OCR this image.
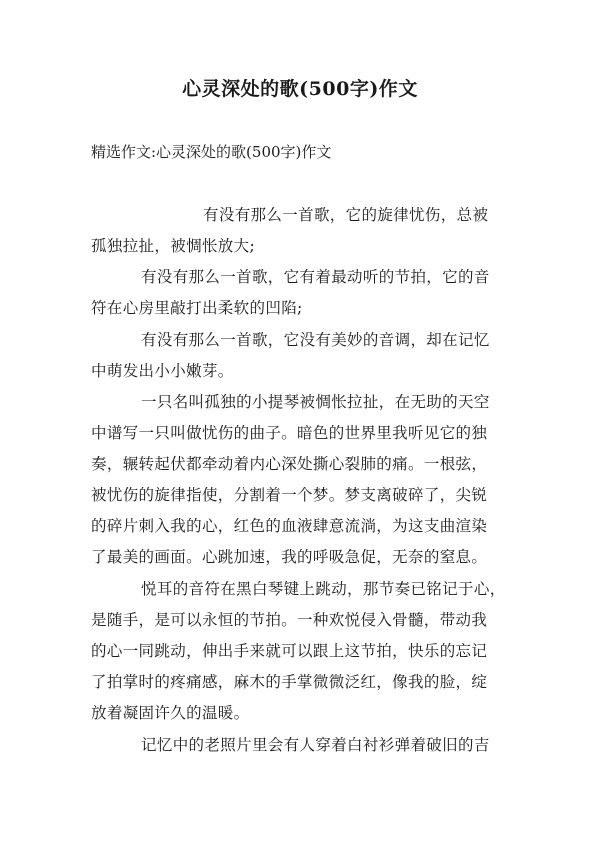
心灵深处的歌(500字)作文
精选作文:心灵深处的歌(500字)作文
有没有那么一首歌，它的旋律忧伤，总被
孤独拉扯，被惆怅放大;
有没有那么一首歌，它有着最动听的节拍，它的音
符在心房里敲打出柔软的凹陷;
有没有那么一首歌，它没有美妙的音调，却在记忆
中萌发出小小嫩芽。
一只名叫孤独的小提琴被惆怅拉扯，在无助的天空
中谱写一只叫做忧伤的曲子。暗色的世界里我听见它的独
奏，辗转起伏都牵动着内心深处撕心裂肺的痛。一根弦，
被忧伤的旋律指使，分割着一个梦。梦支离破碎了，尖锐
的碎片刺入我的心，红色的血液肆意流淌，为这支曲渲染
了最美的画面。心跳加速，我的呼吸急促，无奈的窒息。
悦耳的音符在黑白琴键上跳动，那节奏已铭记于心，
是随手，是可以永恒的节拍。一种欢悦侵入骨髓，带动我
的心一同跳动，伸出手来就可以跟上这节拍，快乐的忘记
了拍掌时的疼痛感，麻木的手掌微微泛红，像我的脸，绽
放着凝固许久的温暖。
记忆中的老照片里会有人穿着白衬衫弹着破旧的吉
